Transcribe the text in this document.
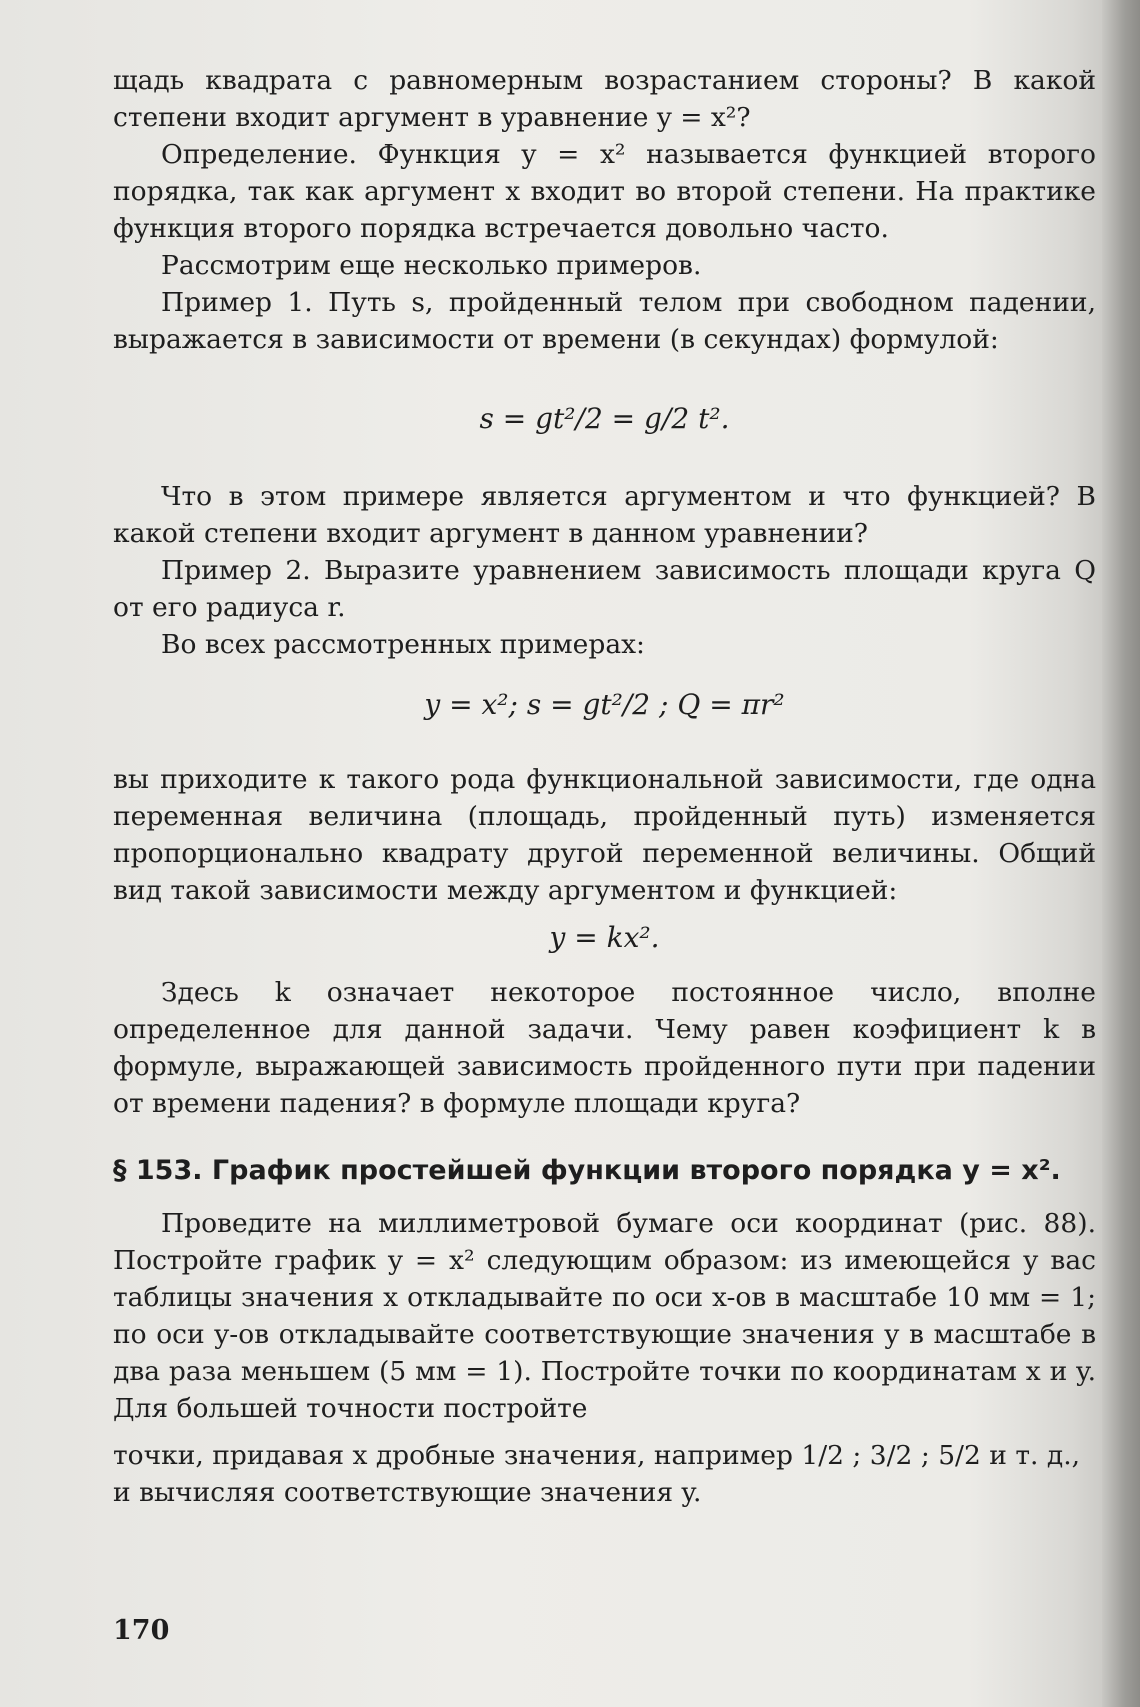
щадь квадрата с равномерным возрастанием стороны? В какой степени входит аргумент в уравнение y = x²?

Определение. Функция y = x² называется функцией второго порядка, так как аргумент x входит во второй степени. На практике функция второго порядка встречается довольно часто.

Рассмотрим еще несколько примеров.

Пример 1. Путь s, пройденный телом при свободном падении, выражается в зависимости от времени (в секундах) формулой:

s = gt²/2 = g/2 t².

Что в этом примере является аргументом и что функцией? В какой степени входит аргумент в данном уравнении?

Пример 2. Выразите уравнением зависимость площади круга Q от его радиуса r.

Во всех рассмотренных примерах:

y = x²; s = gt²/2 ; Q = πr²

вы приходите к такого рода функциональной зависимости, где одна переменная величина (площадь, пройденный путь) изменяется пропорционально квадрату другой переменной величины. Общий вид такой зависимости между аргументом и функцией:

y = kx².

Здесь k означает некоторое постоянное число, вполне определенное для данной задачи. Чему равен коэфициент k в формуле, выражающей зависимость пройденного пути при падении от времени падения? в формуле площади круга?

§ 153. График простейшей функции второго порядка y = x².

Проведите на миллиметровой бумаге оси координат (рис. 88). Постройте график y = x² следующим образом: из имеющейся у вас таблицы значения x откладывайте по оси x-ов в масштабе 10 мм = 1; по оси y-ов откладывайте соответствующие значения y в масштабе в два раза меньшем (5 мм = 1). Постройте точки по координатам x и y. Для большей точности постройте

точки, придавая x дробные значения, например 1/2 ; 3/2 ; 5/2 и т. д.,

и вычисляя соответствующие значения y.

170
